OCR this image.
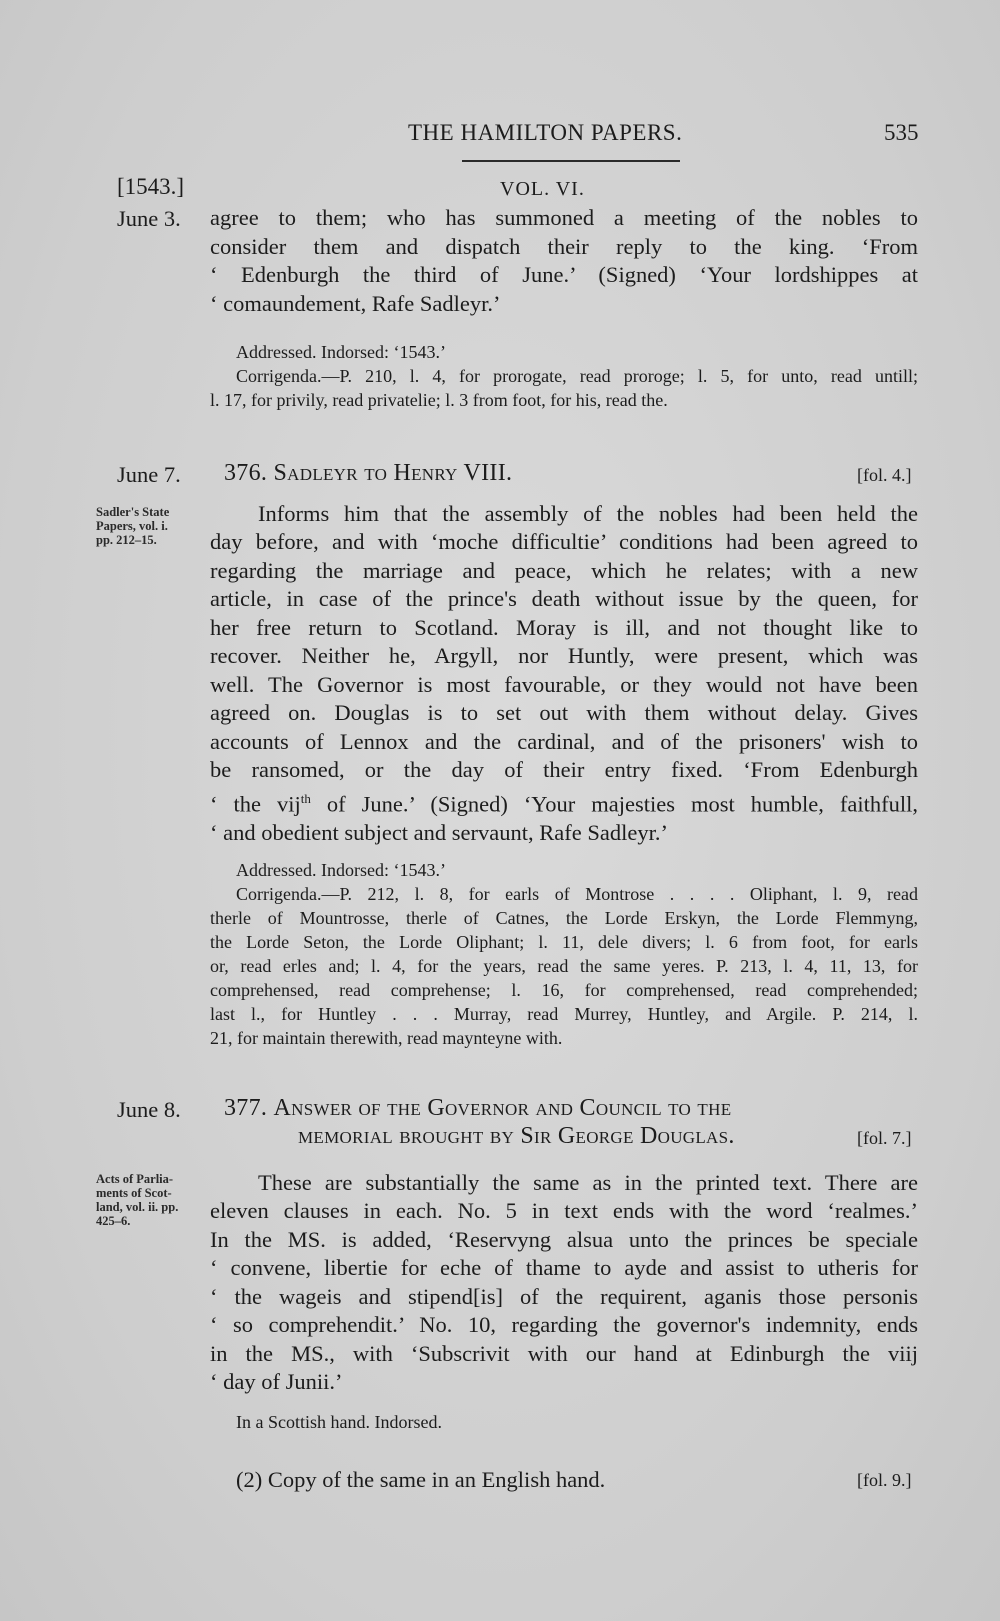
THE HAMILTON PAPERS.	535
[1543.]	VOL. VI.
June 3. agree to them; who has summoned a meeting of the nobles to
consider them and dispatch their reply to the king. ‘From
‘ Edenburgh the third of June.’ (Signed) ‘Your lordshippes at
‘ comaundement, Rafe Sadleyr.’
Addressed. Indorsed: ‘1543.’
Corrigenda.—P. 210, l. 4, for prorogate, read proroge; l. 5, for unto, read untill;
l. 17, for privily, read privatelie; l. 3 from foot, for his, read the.
June 7. 376. Sadleyr to Henry VIII.	[fol. 4.]
Sadler's State
Papers, vol. i.
pp. 212–15.
Informs him that the assembly of the nobles had been held the
day before, and with ‘moche difficultie’ conditions had been agreed to
regarding the marriage and peace, which he relates; with a new
article, in case of the prince's death without issue by the queen, for
her free return to Scotland. Moray is ill, and not thought like to
recover. Neither he, Argyll, nor Huntly, were present, which was
well. The Governor is most favourable, or they would not have been
agreed on. Douglas is to set out with them without delay. Gives
accounts of Lennox and the cardinal, and of the prisoners' wish to
be ransomed, or the day of their entry fixed. ‘From Edenburgh
‘ the vij$^{th}$ of June.’ (Signed) ‘Your majesties most humble, faithfull,
‘ and obedient subject and servaunt, Rafe Sadleyr.’
Addressed. Indorsed: ‘1543.’
Corrigenda.—P. 212, l. 8, for earls of Montrose . . . . Oliphant, l. 9, read
therle of Mountrosse, therle of Catnes, the Lorde Erskyn, the Lorde Flemmyng,
the Lorde Seton, the Lorde Oliphant; l. 11, dele divers; l. 6 from foot, for earls
or, read erles and; l. 4, for the years, read the same yeres. P. 213, l. 4, 11, 13, for
comprehensed, read comprehense; l. 16, for comprehensed, read comprehended;
last l., for Huntley . . . Murray, read Murrey, Huntley, and Argile. P. 214, l.
21, for maintain therewith, read maynteyne with.
June 8. 377. Answer of the Governor and Council to the
memorial brought by Sir George Douglas.	[fol. 7.]
Acts of Parlia-
ments of Scot-
land, vol. ii. pp.
425–6.
These are substantially the same as in the printed text. There are
eleven clauses in each. No. 5 in text ends with the word ‘realmes.’
In the MS. is added, ‘Reservyng alsua unto the princes be speciale
‘ convene, libertie for eche of thame to ayde and assist to utheris for
‘ the wageis and stipend[is] of the requirent, aganis those personis
‘ so comprehendit.’ No. 10, regarding the governor's indemnity, ends
in the MS., with ‘Subscrivit with our hand at Edinburgh the viij
‘ day of Junii.’
In a Scottish hand. Indorsed.
(2) Copy of the same in an English hand.	[fol. 9.]
